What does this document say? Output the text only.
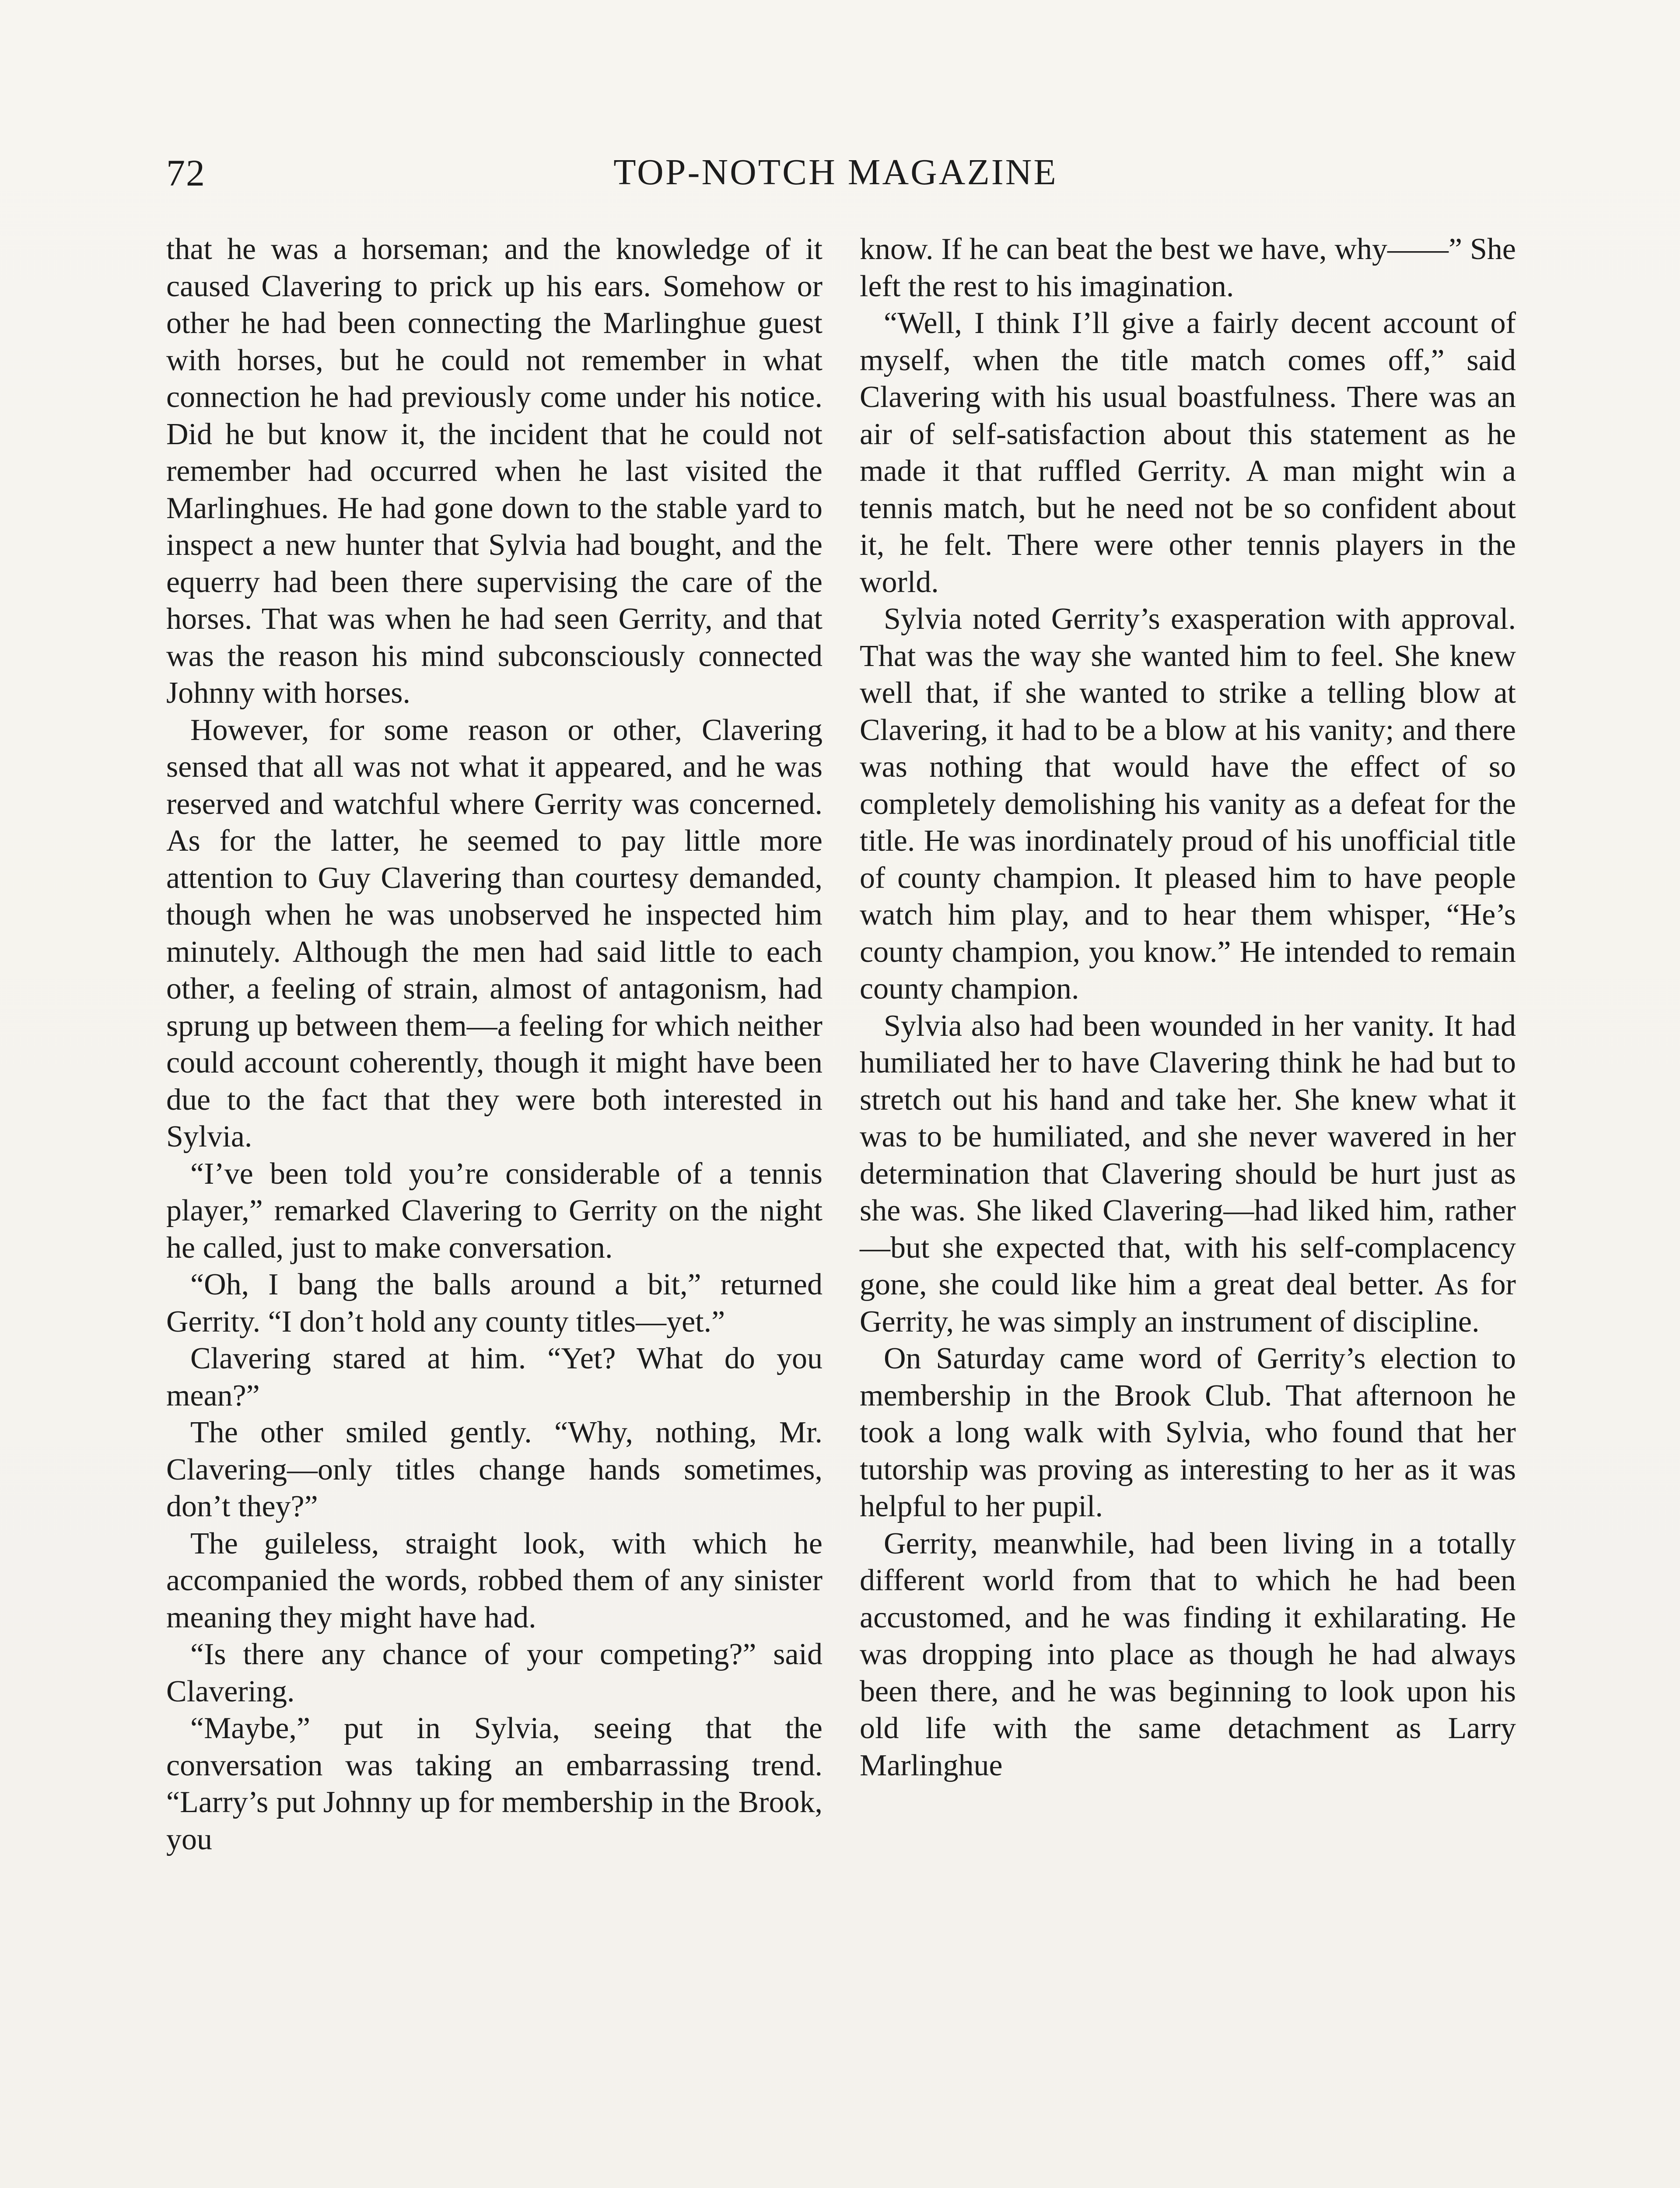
72	TOP-NOTCH MAGAZINE

that he was a horseman; and the knowledge of it caused Clavering to prick up his ears. Somehow or other he had been connecting the Marlinghue guest with horses, but he could not remember in what connection he had previously come under his notice. Did he but know it, the incident that he could not remember had occurred when he last visited the Marlinghues. He had gone down to the stable yard to inspect a new hunter that Sylvia had bought, and the equerry had been there supervising the care of the horses. That was when he had seen Gerrity, and that was the reason his mind subconsciously connected Johnny with horses.

However, for some reason or other, Clavering sensed that all was not what it appeared, and he was reserved and watchful where Gerrity was concerned. As for the latter, he seemed to pay little more attention to Guy Clavering than courtesy demanded, though when he was unobserved he inspected him minutely. Although the men had said little to each other, a feeling of strain, almost of antagonism, had sprung up between them—a feeling for which neither could account coherently, though it might have been due to the fact that they were both interested in Sylvia.

“I’ve been told you’re considerable of a tennis player,” remarked Clavering to Gerrity on the night he called, just to make conversation.

“Oh, I bang the balls around a bit,” returned Gerrity. “I don’t hold any county titles—yet.”

Clavering stared at him. “Yet? What do you mean?”

The other smiled gently. “Why, nothing, Mr. Clavering—only titles change hands sometimes, don’t they?”

The guileless, straight look, with which he accompanied the words, robbed them of any sinister meaning they might have had.

“Is there any chance of your competing?” said Clavering.

“Maybe,” put in Sylvia, seeing that the conversation was taking an embarrassing trend. “Larry’s put Johnny up for membership in the Brook, you

know. If he can beat the best we have, why——” She left the rest to his imagination.

“Well, I think I’ll give a fairly decent account of myself, when the title match comes off,” said Clavering with his usual boastfulness. There was an air of self-satisfaction about this statement as he made it that ruffled Gerrity. A man might win a tennis match, but he need not be so confident about it, he felt. There were other tennis players in the world.

Sylvia noted Gerrity’s exasperation with approval. That was the way she wanted him to feel. She knew well that, if she wanted to strike a telling blow at Clavering, it had to be a blow at his vanity; and there was nothing that would have the effect of so completely demolishing his vanity as a defeat for the title. He was inordinately proud of his unofficial title of county champion. It pleased him to have people watch him play, and to hear them whisper, “He’s county champion, you know.” He intended to remain county champion.

Sylvia also had been wounded in her vanity. It had humiliated her to have Clavering think he had but to stretch out his hand and take her. She knew what it was to be humiliated, and she never wavered in her determination that Clavering should be hurt just as she was. She liked Clavering—had liked him, rather—but she expected that, with his self-complacency gone, she could like him a great deal better. As for Gerrity, he was simply an instrument of discipline.

On Saturday came word of Gerrity’s election to membership in the Brook Club. That afternoon he took a long walk with Sylvia, who found that her tutorship was proving as interesting to her as it was helpful to her pupil.

Gerrity, meanwhile, had been living in a totally different world from that to which he had been accustomed, and he was finding it exhilarating. He was dropping into place as though he had always been there, and he was beginning to look upon his old life with the same detachment as Larry Marlinghue
